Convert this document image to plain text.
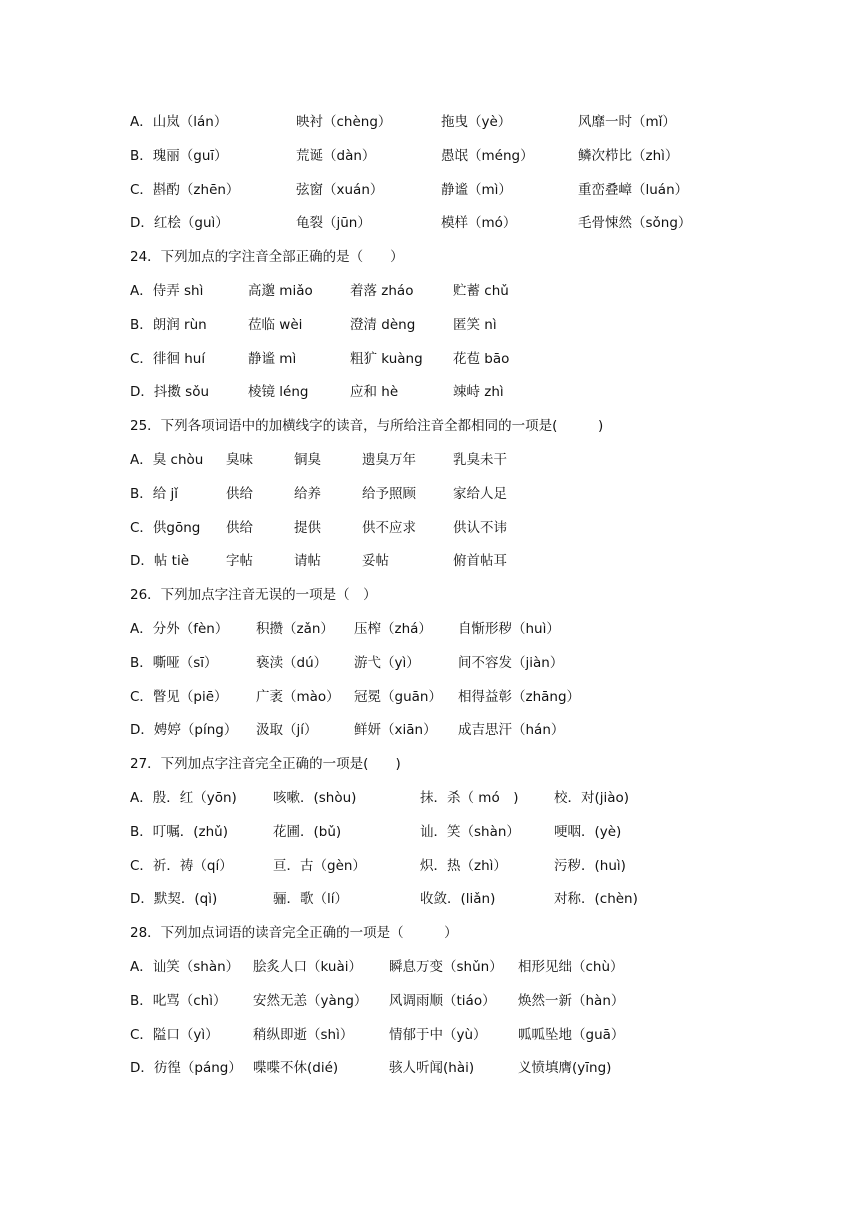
A．山岚（lán）	映衬（chèng）	拖曳（yè）	风靡一时（mǐ）
B．瑰丽（guī）	荒诞（dàn）	愚氓（méng）	鳞次栉比（zhì）
C．斟酌（zhēn）	弦窗（xuán）	静谧（mì）	重峦叠嶂（luán）
D．红桧（guì）	龟裂（jūn）	模样（mó）	毛骨悚然（sǒng）
24．下列加点的字注音全部正确的是（　　）
A．侍弄 shì	高邈 miǎo	着落 zháo	贮蓄 chǔ
B．朗润 rùn	莅临 wèi	澄清 dèng	匿笑 nì
C．徘徊 huí	静谧 mì	粗犷 kuàng 花苞 bāo
D．抖擞 sǒu	棱镜 léng	应和 hè	竦峙 zhì
25．下列各项词语中的加横线字的读音，与所给注音全都相同的一项是(　　　)
A．臭 chòu 臭味	铜臭	遗臭万年	乳臭未干
B．给 jǐ	供给	给养	给予照顾	家给人足
C．供gōng 供给	提供	供不应求	供认不讳
D．帖 tiè	字帖	请帖	妥帖	俯首帖耳
26．下列加点字注音无误的一项是（　）
A．分外（fèn） 积攒（zǎn） 压榨（zhá） 自惭形秽（huì）
B．嘶哑（sī）	亵渎（dú） 游弋（yì）	间不容发（jiàn）
C．瞥见（piē） 广袤（mào） 冠冕（guān） 相得益彰（zhāng）
D．娉婷（píng） 汲取（jí）	鲜妍（xiān） 成吉思汗（hán）
27．下列加点字注音完全正确的一项是(　　)
A．殷．红（yōn)	咳嗽．(shòu)	抹．杀（ mó　)	校．对(jiào)
B．叮嘱．(zhǔ)	花圃．(bǔ)	讪．笑（shàn）	哽咽．(yè)
C．祈．祷（qí）	亘．古（gèn）	炽．热（zhì）	污秽．(huì)
D．默契．(qì)	骊．歌（lí）	收敛．(liǎn)	对称．(chèn)
28．下列加点词语的读音完全正确的一项是（　　　）
A．讪笑（shàn） 脍炙人口（kuài） 瞬息万变（shǔn） 相形见绌（chù）
B．叱骂（chì） 安然无恙（yàng） 风调雨顺（tiáo） 焕然一新（hàn）
C．隘口（yì）	稍纵即逝（shì）	情郁于中（yù） 呱呱坠地（guā）
D．彷徨（páng） 喋喋不休(dié)	骇人听闻(hài)	义愤填膺(yīng)
